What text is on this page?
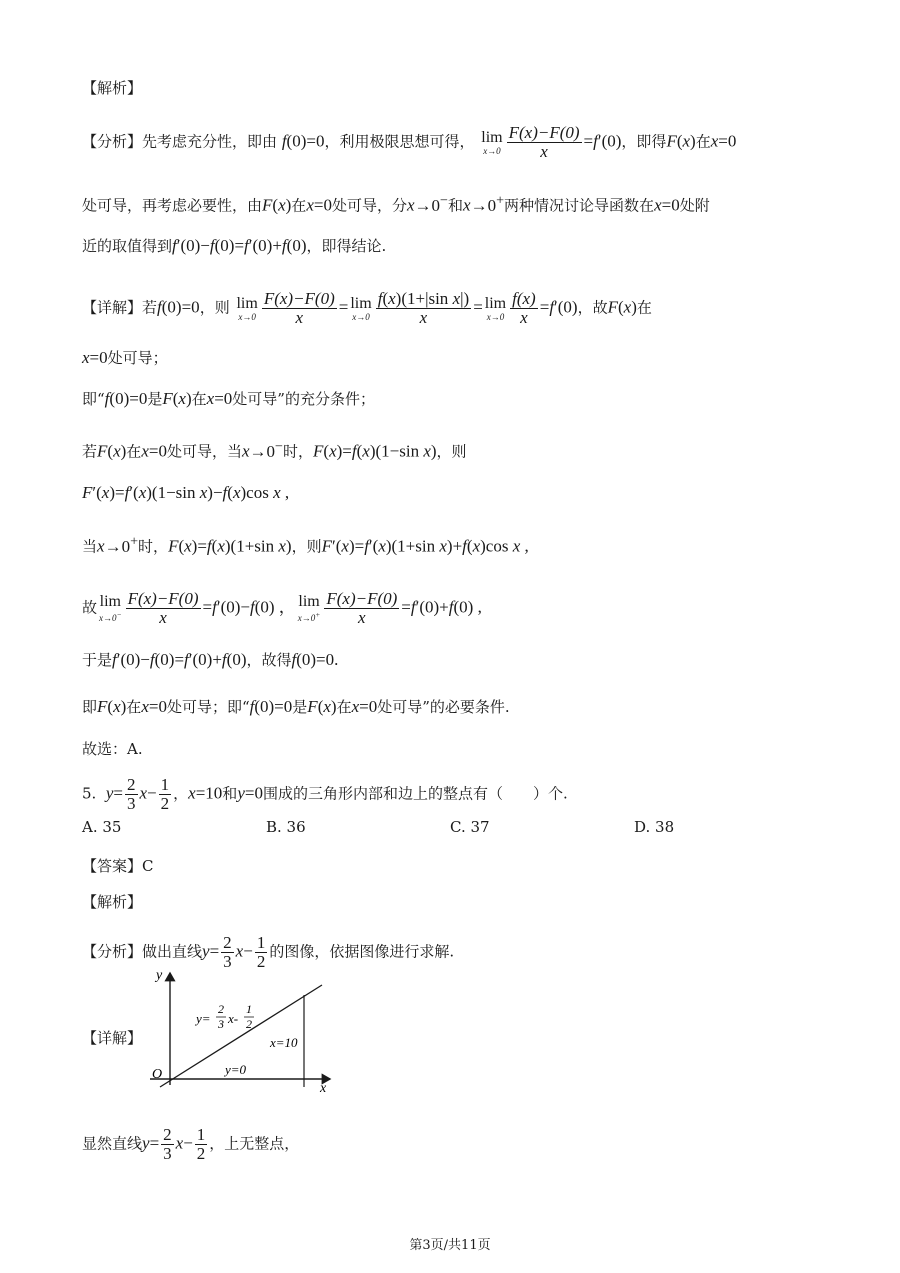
【解析】
【分析】先考虑充分性，即由 f(0)=0，利用极限思想可得， lim
$x\to 0 \frac{F(x)-F(0)}{x} =f'(0)$，即得F(x)在x=0
处可导，再考虑必要性，由F(x)在x=0处可导，分x→0−和x→0+两种情况讨论导函数在x=0处附
近的取值得到f′(0)−f(0)=f′(0)+f(0)，即得结论.
【详解】若f(0)=0，则 lim
$x\to 0 \frac{F(x)-F(0)}{x} = \lim$
$x\to 0 \frac{\text{f(x)(1+|sin x|)}}{x} = \lim$
$x\to 0 \frac{f(x)}{x} =f'(0)$，故F(x)在
x=0处可导；
即“f(0)=0是F(x)在x=0处可导”的充分条件；
若F(x)在x=0处可导，当x→0−时，F(x)=f(x)(1−sin x)，则
F′(x)=f′(x)(1−sin x)−f(x)cos x ,
当x→0+时，F(x)=f(x)(1+sin x)，则F′(x)=f′(x)(1+sin x)+f(x)cos x ,
故 lim
$x\to 0^- \frac{F(x)-F(0)}{x} =f'(0)-f(0)$ ， lim
$x\to 0^+ \frac{F(x)-F(0)}{x} =f'(0)+f(0)$ ,
于是f′(0)−f(0)=f′(0)+f(0)，故得f(0)=0.
即F(x)在x=0处可导；即“f(0)=0是F(x)在x=0处可导”的必要条件.
故选：A.
5. $y= \frac{2}{3} x- \frac{1}{2}$ ，x=10和y=0围成的三角形内部和边上的整点有（　　）个.
A. 35	B. 36	C. 37	D. 38
【答案】C
【解析】
【分析】做出直线$y= \frac{2}{3} x- \frac{1}{2}$ 的图像，依据图像进行求解.
【详解】
y
x
O
y=
2
3 x-
1
2
x=10
y=0
显然直线$y= \frac{2}{3} x- \frac{1}{2}$ ，上无整点，
第3页/共11页
